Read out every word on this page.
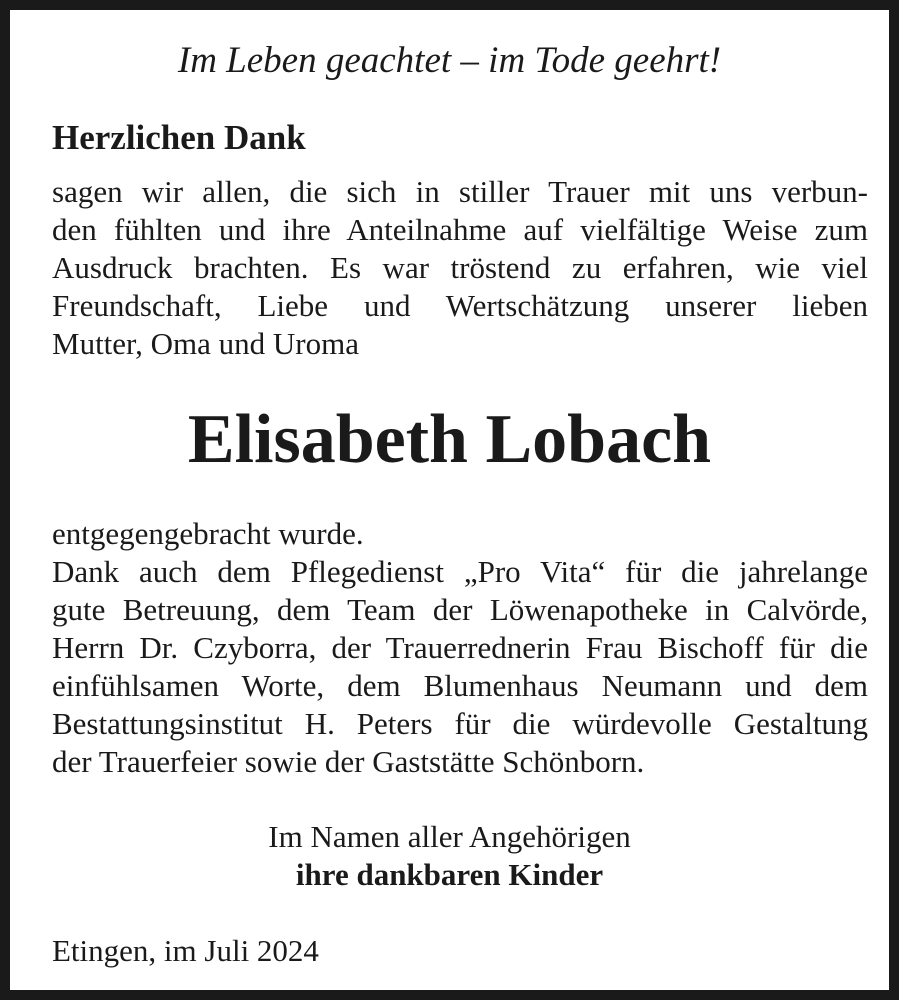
Im Leben geachtet – im Tode geehrt!
Herzlichen Dank
sagen wir allen, die sich in stiller Trauer mit uns verbun-
den fühlten und ihre Anteilnahme auf vielfältige Weise zum
Ausdruck brachten. Es war tröstend zu erfahren, wie viel
Freundschaft, Liebe und Wertschätzung unserer lieben
Mutter, Oma und Uroma
Elisabeth Lobach
entgegengebracht wurde.
Dank auch dem Pflegedienst „Pro Vita“ für die jahrelange
gute Betreuung, dem Team der Löwenapotheke in Calvörde,
Herrn Dr. Czyborra, der Trauerrednerin Frau Bischoff für die
einfühlsamen Worte, dem Blumenhaus Neumann und dem
Bestattungsinstitut H. Peters für die würdevolle Gestaltung
der Trauerfeier sowie der Gaststätte Schönborn.
Im Namen aller Angehörigen
ihre dankbaren Kinder
Etingen, im Juli 2024
